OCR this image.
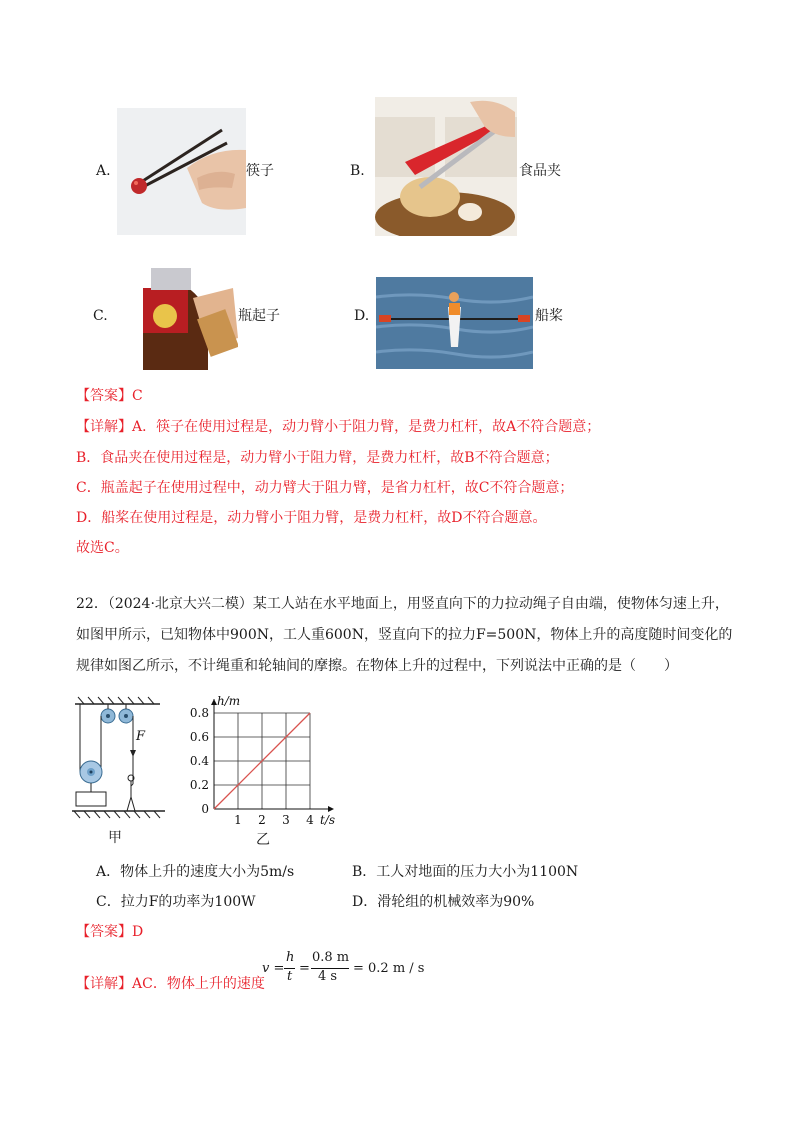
A.	筷子	B.	食品夹
C.	瓶起子	D.	船桨
【答案】C
【详解】A．筷子在使用过程是，动力臂小于阻力臂，是费力杠杆，故A不符合题意；
B．食品夹在使用过程是，动力臂小于阻力臂，是费力杠杆，故B不符合题意；
C．瓶盖起子在使用过程中，动力臂大于阻力臂，是省力杠杆，故C不符合题意；
D．船桨在使用过程是，动力臂小于阻力臂，是费力杠杆，故D不符合题意。
故选C。
22．（2024·北京大兴二模）某工人站在水平地面上，用竖直向下的力拉动绳子自由端，使物体匀速上升，
如图甲所示，已知物体中900N，工人重600N，竖直向下的拉力F=500N，物体上升的高度随时间变化的
规律如图乙所示，不计绳重和轮轴间的摩擦。在物体上升的过程中，下列说法中正确的是（　　）
F
甲
1 2 3 4
0
0.2
0.4
0.6
0.8
t/s
h/m
A．物体上升的速度大小为5m/s	B．工人对地面的压力大小为1100N
C．拉力F的功率为100W	D．滑轮组的机械效率为90%
【答案】D
【详解】AC．物体上升的速度
v =
h
t
=
0.8 m
4 s
= 0.2 m / s
乙
